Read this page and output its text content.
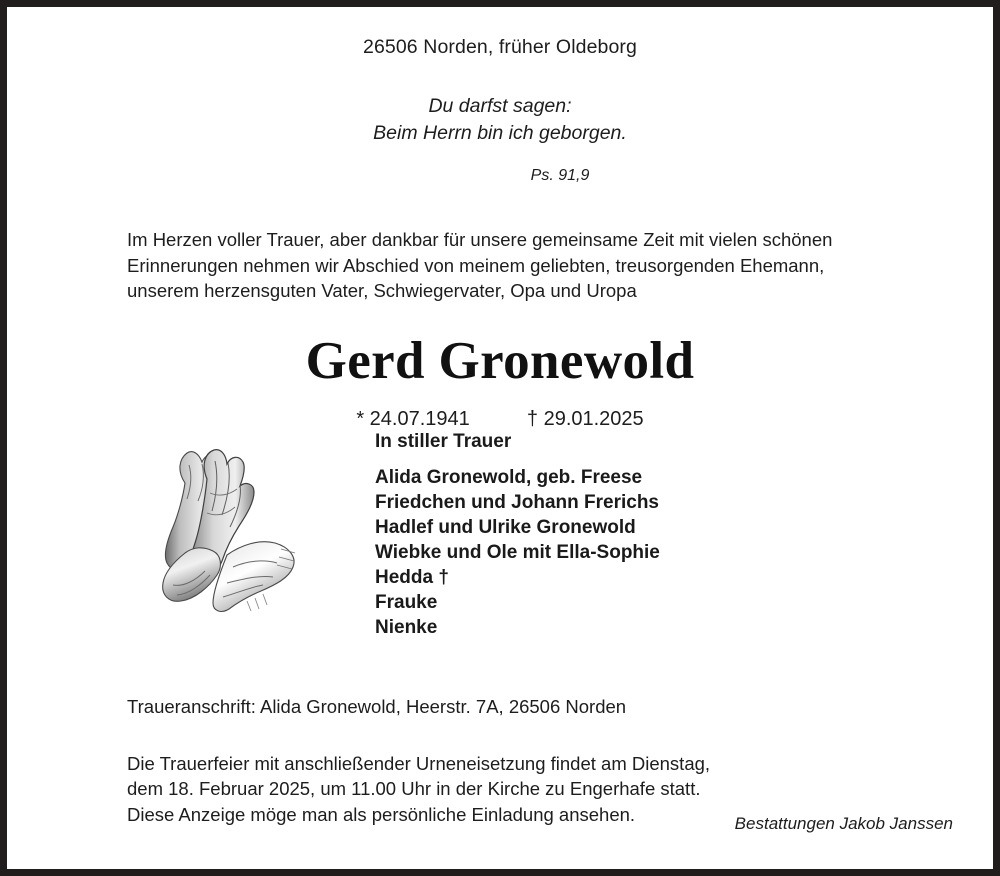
26506 Norden, früher Oldeborg

Du darfst sagen:
Beim Herrn bin ich geborgen.

Ps. 91,9

Im Herzen voller Trauer, aber dankbar für unsere gemeinsame Zeit mit vielen schönen
Erinnerungen nehmen wir Abschied von meinem geliebten, treusorgenden Ehemann,
unserem herzensguten Vater, Schwiegervater, Opa und Uropa
Gerd Gronewold

* 24.07.1941	† 29.01.2025

In stiller Trauer

Alida Gronewold, geb. Freese
Friedchen und Johann Frerichs
Hadlef und Ulrike Gronewold
Wiebke und Ole mit Ella-Sophie
Hedda †
Frauke
Nienke

Traueranschrift: Alida Gronewold, Heerstr. 7A, 26506 Norden

Die Trauerfeier mit anschließender Urneneisetzung findet am Dienstag,
dem 18. Februar 2025, um 11.00 Uhr in der Kirche zu Engerhafe statt.
Diese Anzeige möge man als persönliche Einladung ansehen.	Bestattungen Jakob Janssen
